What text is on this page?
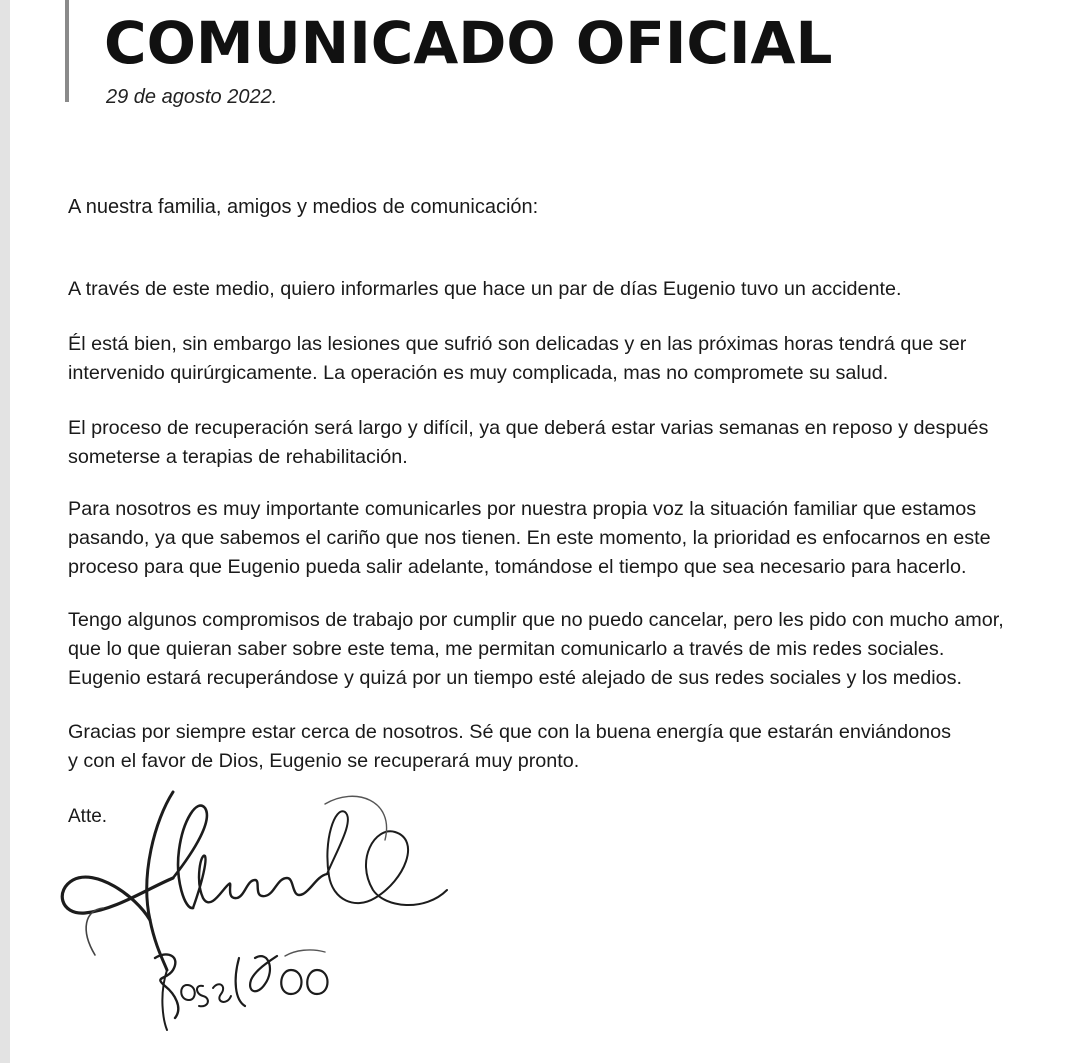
COMUNICADO OFICIAL
29 de agosto 2022.
A nuestra familia, amigos y medios de comunicación:

A través de este medio, quiero informarles que hace un par de días Eugenio tuvo un accidente.

Él está bien, sin embargo las lesiones que sufrió son delicadas y en las próximas horas tendrá que ser
intervenido quirúrgicamente. La operación es muy complicada, mas no compromete su salud.

El proceso de recuperación será largo y difícil, ya que deberá estar varias semanas en reposo y después
someterse a terapias de rehabilitación.

Para nosotros es muy importante comunicarles por nuestra propia voz la situación familiar que estamos
pasando, ya que sabemos el cariño que nos tienen. En este momento, la prioridad es enfocarnos en este
proceso para que Eugenio pueda salir adelante, tomándose el tiempo que sea necesario para hacerlo.

Tengo algunos compromisos de trabajo por cumplir que no puedo cancelar, pero les pido con mucho amor,
que lo que quieran saber sobre este tema, me permitan comunicarlo a través de mis redes sociales.
Eugenio estará recuperándose y quizá por un tiempo esté alejado de sus redes sociales y los medios.

Gracias por siempre estar cerca de nosotros. Sé que con la buena energía que estarán enviándonos
y con el favor de Dios, Eugenio se recuperará muy pronto.

Atte.
